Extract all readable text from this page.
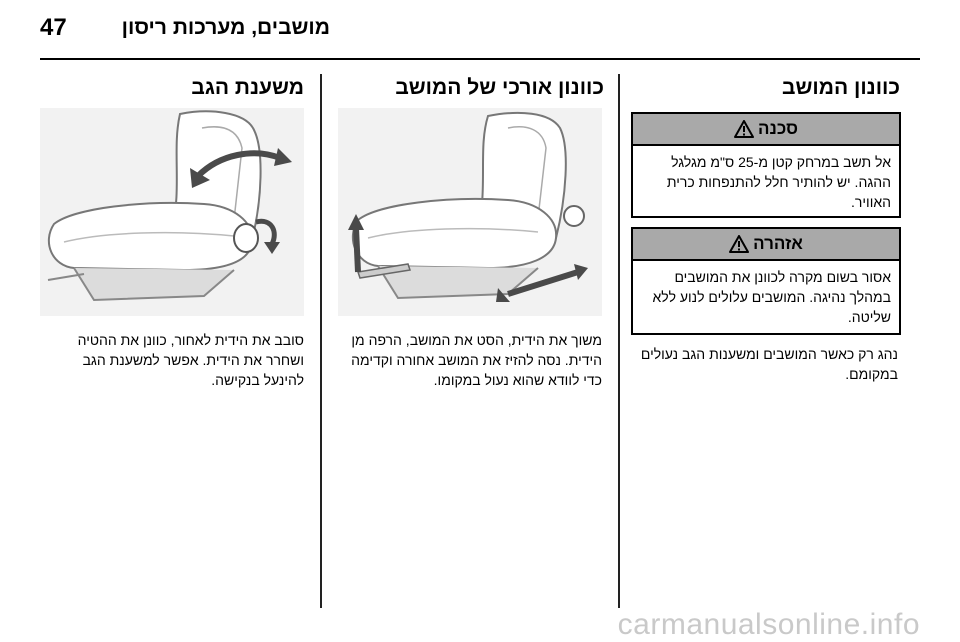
47	מושבים, מערכות ריסון
כוונון המושב
סכנה
אל תשב במרחק קטן מ-25 ס"מ מגלגל ההגה. יש להותיר חלל להתנפחות כרית האוויר.
אזהרה
אסור בשום מקרה לכוונן את המושבים במהלך נהיגה. המושבים עלולים לנוע ללא שליטה.
נהג רק כאשר המושבים ומשענות הגב נעולים במקומם.
כוונון אורכי של המושב
משוך את הידית, הסט את המושב, הרפה מן הידית. נסה להזיז את המושב אחורה וקדימה כדי לוודא שהוא נעול במקומו.
משענת הגב
סובב את הידית לאחור, כוונן את ההטיה ושחרר את הידית. אפשר למשענת הגב להינעל בנקישה.
carmanualsonline.info
